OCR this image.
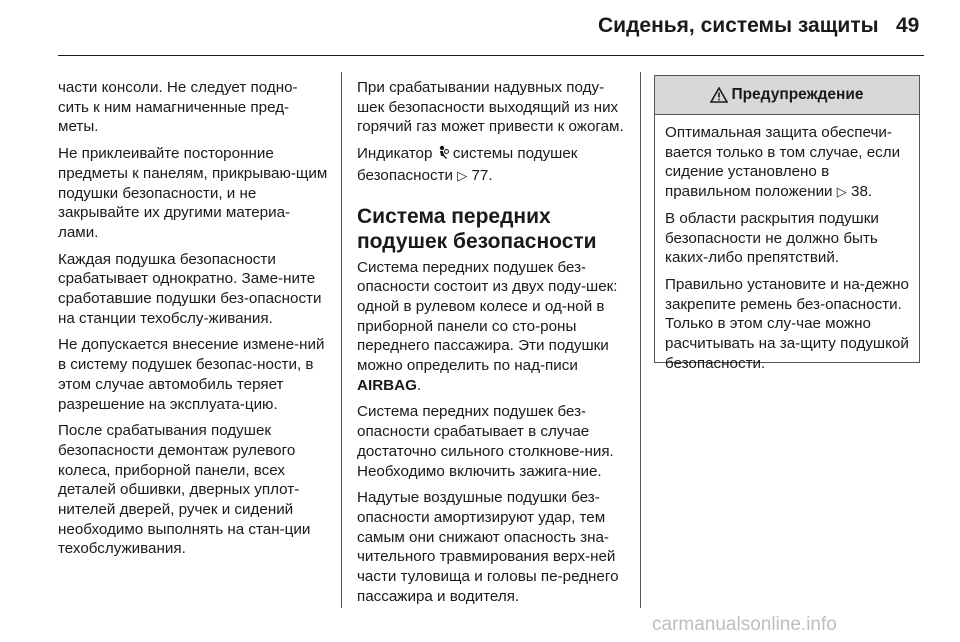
Сиденья, системы защиты 49

части консоли. Не следует подно-сить к ним намагниченные пред-меты.

Не приклеивайте посторонние предметы к панелям, прикрываю-щим подушки безопасности, и не закрывайте их другими материа-лами.

Каждая подушка безопасности срабатывает однократно. Заме-ните сработавшие подушки без-опасности на станции техобслу-живания.

Не допускается внесение измене-ний в систему подушек безопас-ности, в этом случае автомобиль теряет разрешение на эксплуата-цию.

После срабатывания подушек безопасности демонтаж рулевого колеса, приборной панели, всех деталей обшивки, дверных уплот-нителей дверей, ручек и сидений необходимо выполнять на стан-ции техобслуживания.

При срабатывании надувных поду-шек безопасности выходящий из них горячий газ может привести к ожогам.

Индикатор системы подушек безопасности ▷ 77.

Система передних подушек безопасности

Система передних подушек без-опасности состоит из двух поду-шек: одной в рулевом колесе и од-ной в приборной панели со сто-роны переднего пассажира. Эти подушки можно определить по над-писи AIRBAG.

Система передних подушек без-опасности срабатывает в случае достаточно сильного столкнове-ния. Необходимо включить зажига-ние.

Надутые воздушные подушки без-опасности амортизируют удар, тем самым они снижают опасность зна-чительного травмирования верх-ней части туловища и головы пе-реднего пассажира и водителя.

Предупреждение

Оптимальная защита обеспечи-вается только в том случае, если сидение установлено в правильном положении ▷ 38.

В области раскрытия подушки безопасности не должно быть каких-либо препятствий.

Правильно установите и на-дежно закрепите ремень без-опасности. Только в этом слу-чае можно расчитывать на за-щиту подушкой безопасности.

carmanualsonline.info
